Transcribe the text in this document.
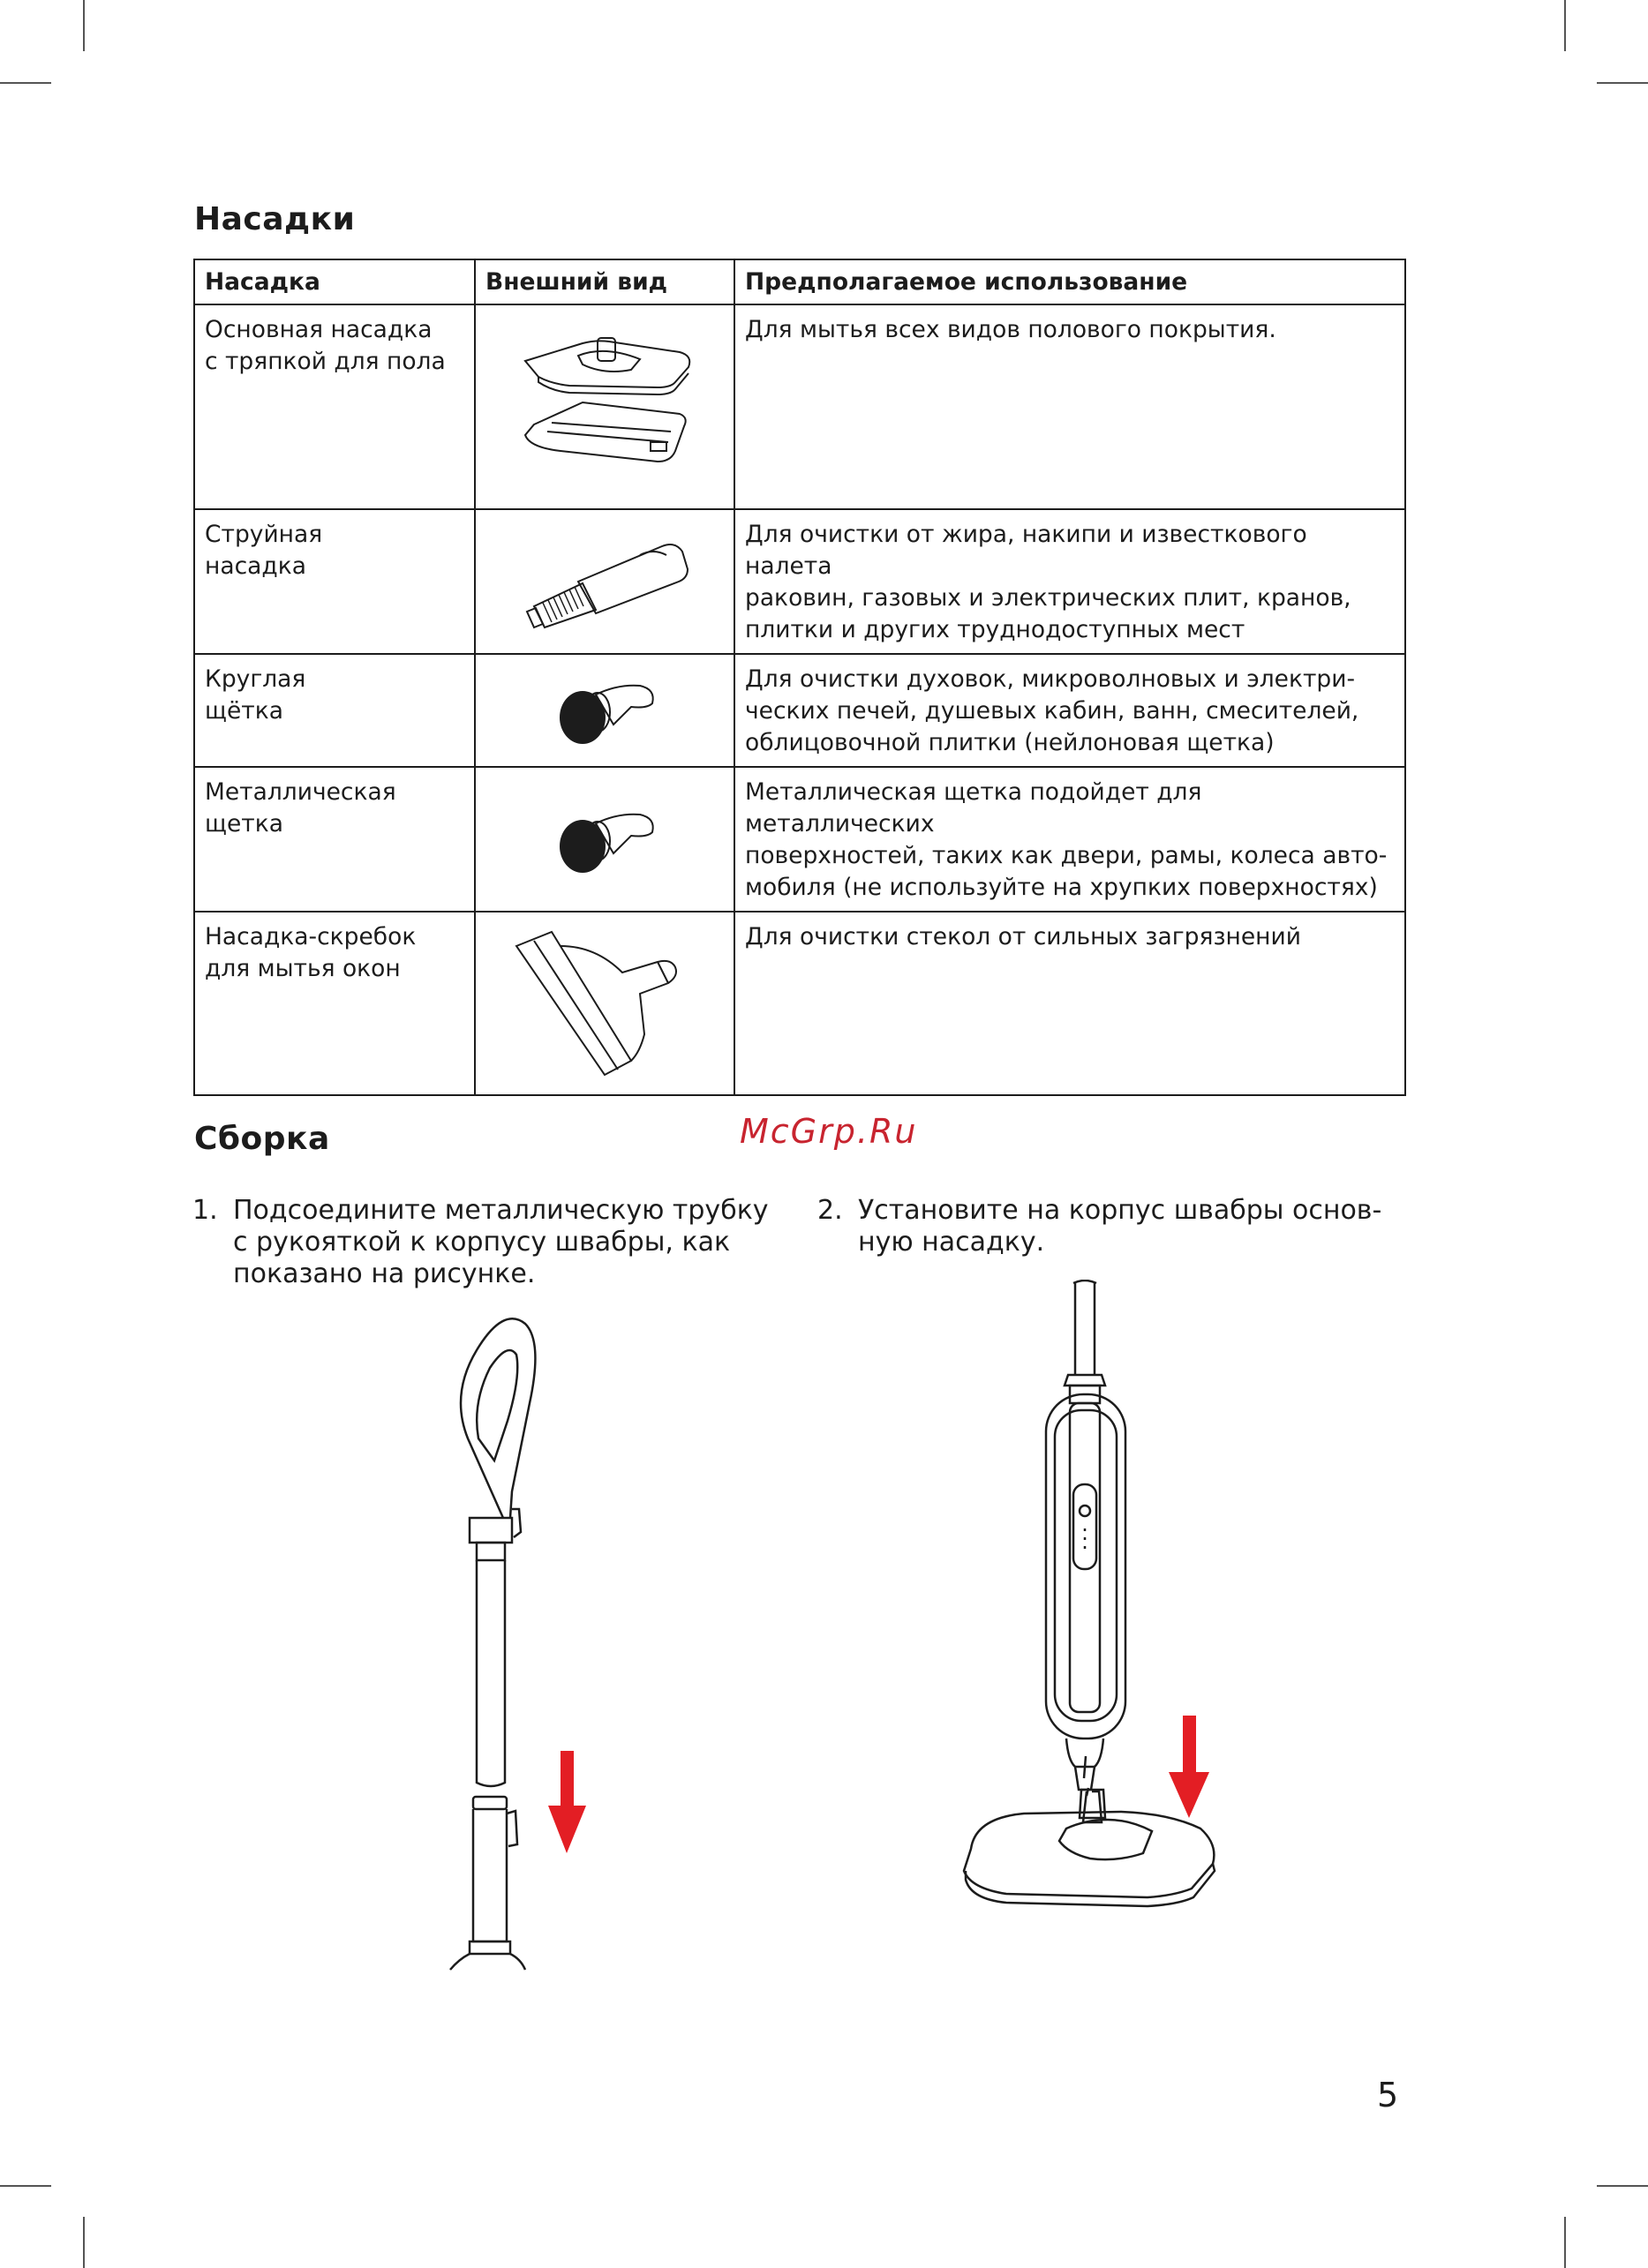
Насадки
Насадка	Внешний вид	Предполагаемое использование

Основная насадка
с тряпкой для пола		Для мытья всех видов полового покрытия.

Струйная
насадка		Для очистки от жира, накипи и известкового налета
раковин, газовых и электрических плит, кранов,
плитки и других труднодоступных мест

Круглая
щётка		Для очистки духовок, микроволновых и электри-
ческих печей, душевых кабин, ванн, смесителей,
облицовочной плитки (нейлоновая щетка)

Металлическая
щетка		Металлическая щетка подойдет для металлических
поверхностей, таких как двери, рамы, колеса авто-
мобиля (не используйте на хрупких поверхностях)

Насадка-скребок
для мытья окон		Для очистки стекол от сильных загрязнений
Сборка	McGrp.Ru
1. Подсоедините металлическую трубку
с рукояткой к корпусу швабры, как
показано на рисунке.
2. Установите на корпус швабры основ-
ную насадку.
5
